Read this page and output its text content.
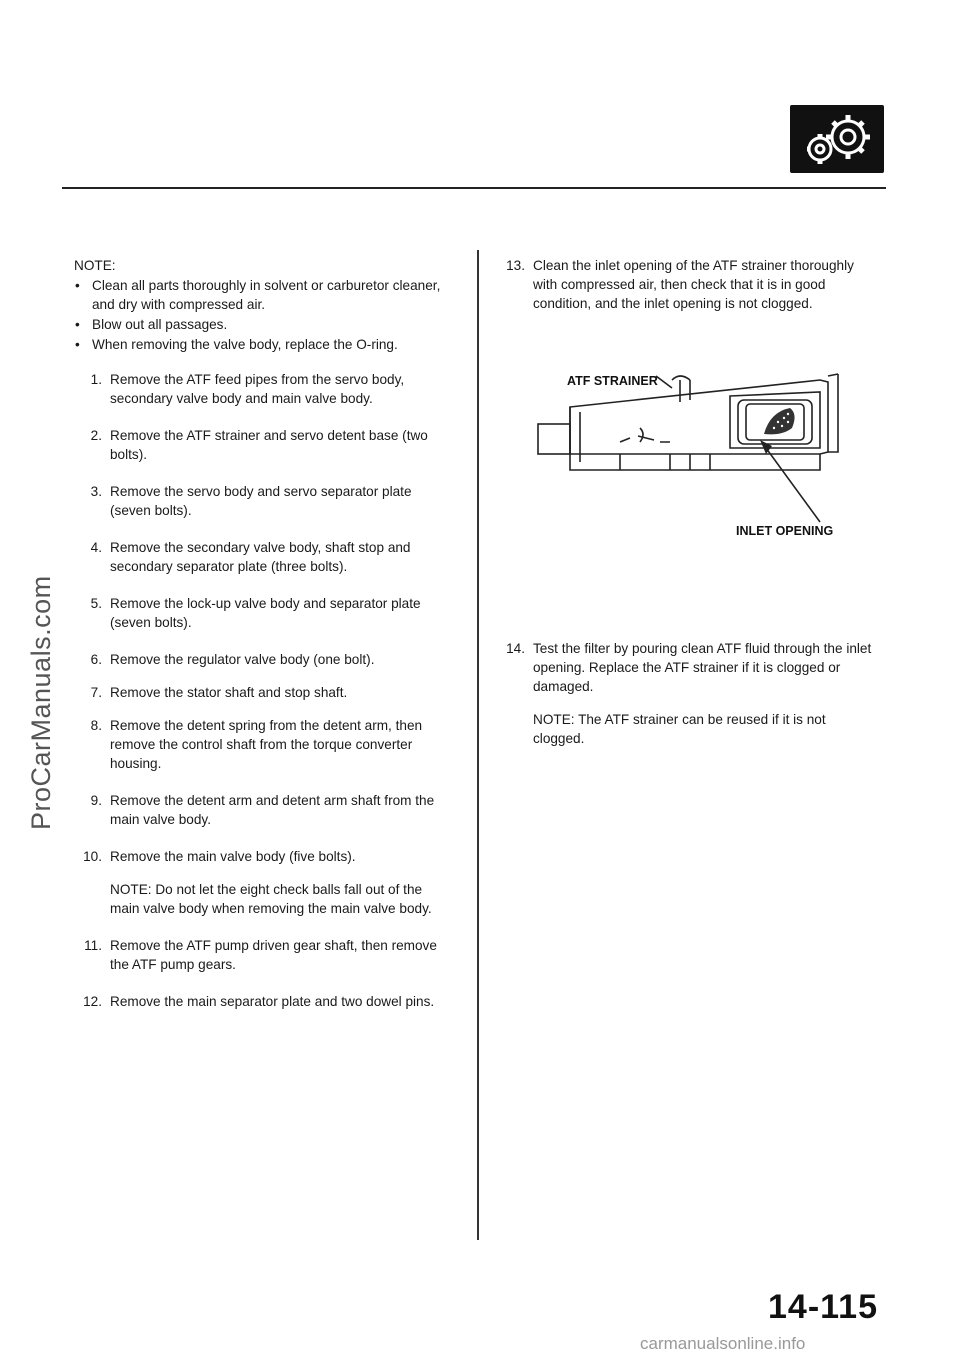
ProCarManuals.com
NOTE:
• Clean all parts thoroughly in solvent or carburetor cleaner, and dry with compressed air.
• Blow out all passages.
• When removing the valve body, replace the O-ring.
1. Remove the ATF feed pipes from the servo body, secondary valve body and main valve body.
2. Remove the ATF strainer and servo detent base (two bolts).
3. Remove the servo body and servo separator plate (seven bolts).
4. Remove the secondary valve body, shaft stop and secondary separator plate (three bolts).
5. Remove the lock-up valve body and separator plate (seven bolts).
6. Remove the regulator valve body (one bolt).
7. Remove the stator shaft and stop shaft.
8. Remove the detent spring from the detent arm, then remove the control shaft from the torque converter housing.
9. Remove the detent arm and detent arm shaft from the main valve body.
10. Remove the main valve body (five bolts).
NOTE: Do not let the eight check balls fall out of the main valve body when removing the main valve body.
11. Remove the ATF pump driven gear shaft, then remove the ATF pump gears.
12. Remove the main separator plate and two dowel pins.
13. Clean the inlet opening of the ATF strainer thoroughly with compressed air, then check that it is in good condition, and the inlet opening is not clogged.
ATF STRAINER
INLET OPENING
14. Test the filter by pouring clean ATF fluid through the inlet opening. Replace the ATF strainer if it is clogged or damaged.
NOTE: The ATF strainer can be reused if it is not clogged.
14-115
carmanualsonline.info
